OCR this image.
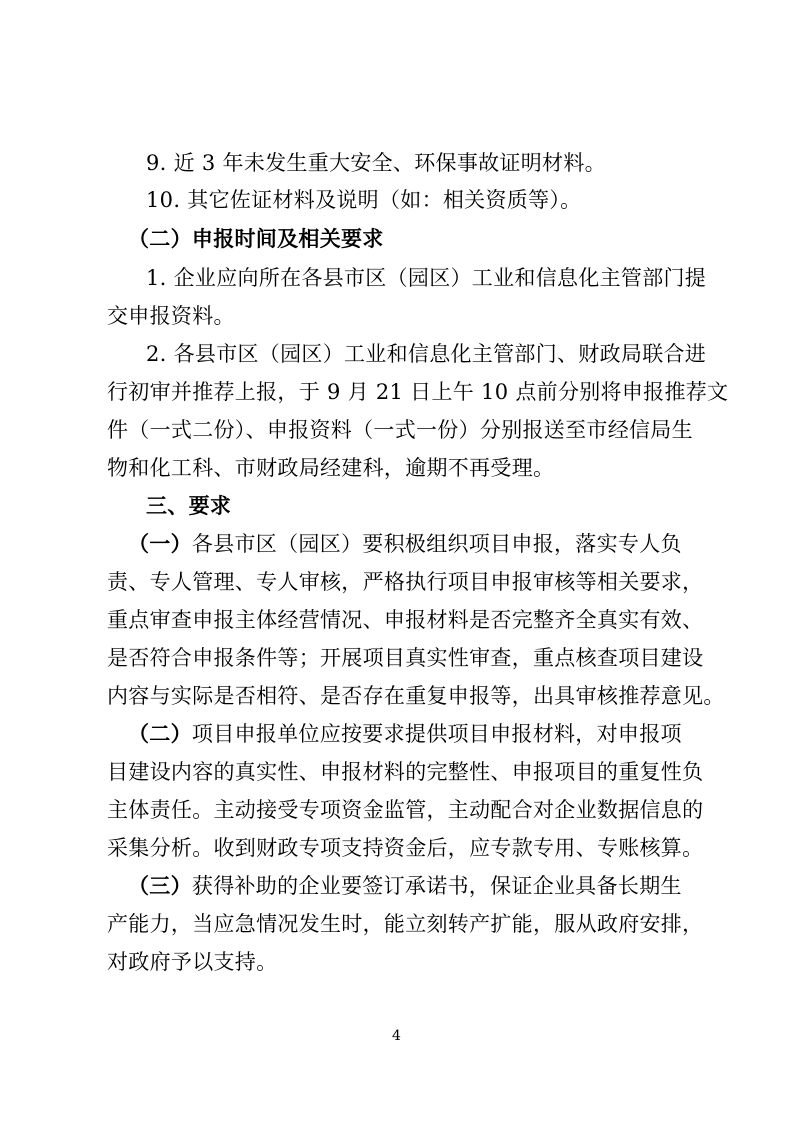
9. 近 3 年未发生重大安全、环保事故证明材料。
10. 其它佐证材料及说明（如：相关资质等）。
（二）申报时间及相关要求
1. 企业应向所在各县市区（园区）工业和信息化主管部门提
交申报资料。
2. 各县市区（园区）工业和信息化主管部门、财政局联合进
行初审并推荐上报，于 9 月 21 日上午 10 点前分别将申报推荐文
件（一式二份）、申报资料（一式一份）分别报送至市经信局生
物和化工科、市财政局经建科，逾期不再受理。
三、要求
（一）各县市区（园区）要积极组织项目申报，落实专人负
责、专人管理、专人审核，严格执行项目申报审核等相关要求，
重点审查申报主体经营情况、申报材料是否完整齐全真实有效、
是否符合申报条件等；开展项目真实性审查，重点核查项目建设
内容与实际是否相符、是否存在重复申报等，出具审核推荐意见。
（二）项目申报单位应按要求提供项目申报材料，对申报项
目建设内容的真实性、申报材料的完整性、申报项目的重复性负
主体责任。主动接受专项资金监管，主动配合对企业数据信息的
采集分析。收到财政专项支持资金后，应专款专用、专账核算。
（三）获得补助的企业要签订承诺书，保证企业具备长期生
产能力，当应急情况发生时，能立刻转产扩能，服从政府安排，
对政府予以支持。
4
